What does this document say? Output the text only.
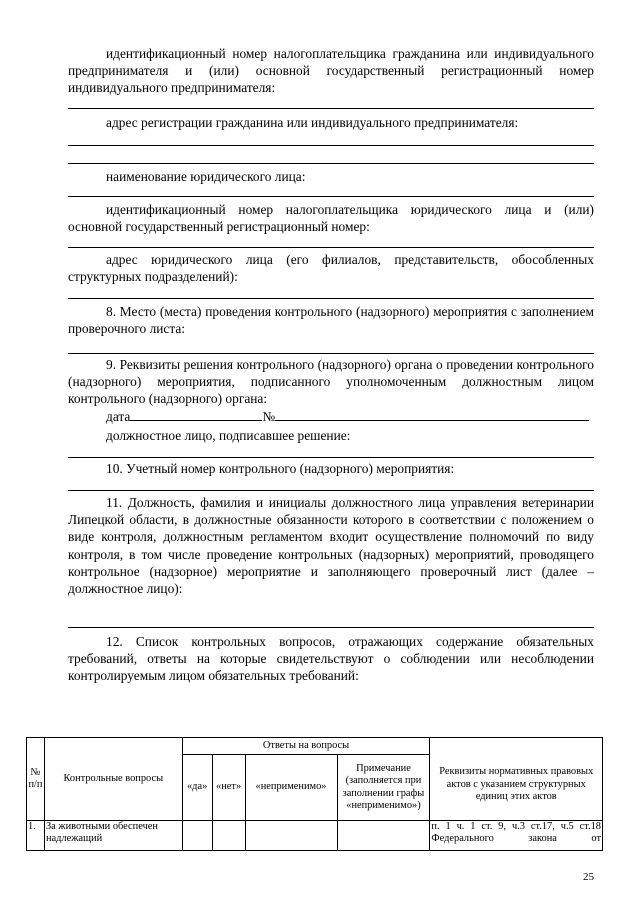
идентификационный номер налогоплательщика гражданина или индивидуального предпринимателя и (или) основной государственный регистрационный номер индивидуального предпринимателя:
адрес регистрации гражданина или индивидуального предпринимателя:
наименование юридического лица:
идентификационный номер налогоплательщика юридического лица и (или) основной государственный регистрационный номер:
адрес юридического лица (его филиалов, представительств, обособленных структурных подразделений):
8. Место (места) проведения контрольного (надзорного) мероприятия с заполнением проверочного листа:
9. Реквизиты решения контрольного (надзорного) органа о проведении контрольного (надзорного) мероприятия, подписанного уполномоченным должностным лицом контрольного (надзорного) органа:
дата	№
должностное лицо, подписавшее решение:
10. Учетный номер контрольного (надзорного) мероприятия:
11. Должность, фамилия и инициалы должностного лица управления ветеринарии Липецкой области, в должностные обязанности которого в соответствии с положением о виде контроля, должностным регламентом входит осуществление полномочий по виду контроля, в том числе проведение контрольных (надзорных) мероприятий, проводящего контрольное (надзорное) мероприятие и заполняющего проверочный лист (далее – должностное лицо):
12. Список контрольных вопросов, отражающих содержание обязательных требований, ответы на которые свидетельствуют о соблюдении или несоблюдении контролируемым лицом обязательных требований:
№ п/п	Контрольные вопросы	Ответы на вопросы				Реквизиты нормативных правовых актов с указанием структурных единиц этих актов
		«да»	«нет»	«неприменимо»	Примечание (заполняется при заполнении графы «неприменимо»)	
1.	За животными обеспечен надлежащий					п. 1 ч. 1 ст. 9, ч.3 ст.17, ч.5 ст.18
Федерального закона от
25
